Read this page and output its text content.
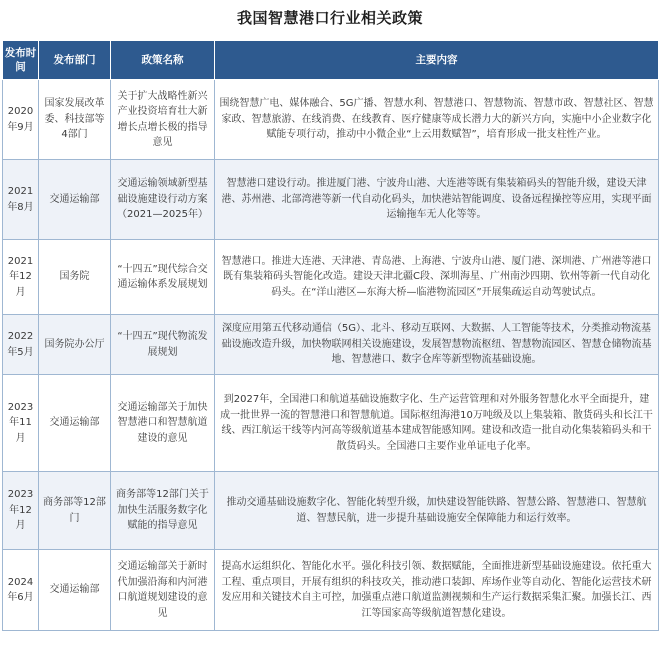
我国智慧港口行业相关政策
发布时间	发布部门	政策名称	主要内容
2020年9月	国家发展改革委、科技部等4部门	关于扩大战略性新兴产业投资培育壮大新增长点增长极的指导意见	围绕智慧广电、媒体融合、5G广播、智慧水利、智慧港口、智慧物流、智慧市政、智慧社区、智慧家政、智慧旅游、在线消费、在线教育、医疗健康等成长潜力大的新兴方向，实施中小企业数字化赋能专项行动，推动中小微企业“上云用数赋智”，培育形成一批支柱性产业。
2021年8月	交通运输部	交通运输领域新型基础设施建设行动方案（2021—2025年）	智慧港口建设行动。推进厦门港、宁波舟山港、大连港等既有集装箱码头的智能升级，建设天津港、苏州港、北部湾港等新一代自动化码头，加快港站智能调度、设备远程操控等应用，实现平面运输拖车无人化等等。
2021年12月	国务院	“十四五”现代综合交通运输体系发展规划	智慧港口。推进大连港、天津港、青岛港、上海港、宁波舟山港、厦门港、深圳港、广州港等港口既有集装箱码头智能化改造。建设天津北疆C段、深圳海星、广州南沙四期、钦州等新一代自动化码头。在“洋山港区—东海大桥—临港物流园区”开展集疏运自动驾驶试点。
2022年5月	国务院办公厅	“十四五”现代物流发展规划	深度应用第五代移动通信（5G）、北斗、移动互联网、大数据、人工智能等技术，分类推动物流基础设施改造升级，加快物联网相关设施建设，发展智慧物流枢纽、智慧物流园区、智慧仓储物流基地、智慧港口、数字仓库等新型物流基础设施。
2023年11月	交通运输部	交通运输部关于加快智慧港口和智慧航道建设的意见	到2027年，全国港口和航道基础设施数字化、生产运营管理和对外服务智慧化水平全面提升，建成一批世界一流的智慧港口和智慧航道。国际枢纽海港10万吨级及以上集装箱、散货码头和长江干线、西江航运干线等内河高等级航道基本建成智能感知网。建设和改造一批自动化集装箱码头和干散货码头。全国港口主要作业单证电子化率。
2023年12月	商务部等12部门	商务部等12部门关于加快生活服务数字化赋能的指导意见	推动交通基础设施数字化、智能化转型升级，加快建设智能铁路、智慧公路、智慧港口、智慧航道、智慧民航，进一步提升基础设施安全保障能力和运行效率。
2024年6月	交通运输部	交通运输部关于新时代加强沿海和内河港口航道规划建设的意见	提高水运组织化、智能化水平。强化科技引领、数据赋能，全面推进新型基础设施建设。依托重大工程、重点项目，开展有组织的科技攻关，推动港口装卸、库场作业等自动化、智能化运营技术研发应用和关键技术自主可控，加强重点港口航道监测视频和生产运行数据采集汇聚。加强长江、西江等国家高等级航道智慧化建设。
